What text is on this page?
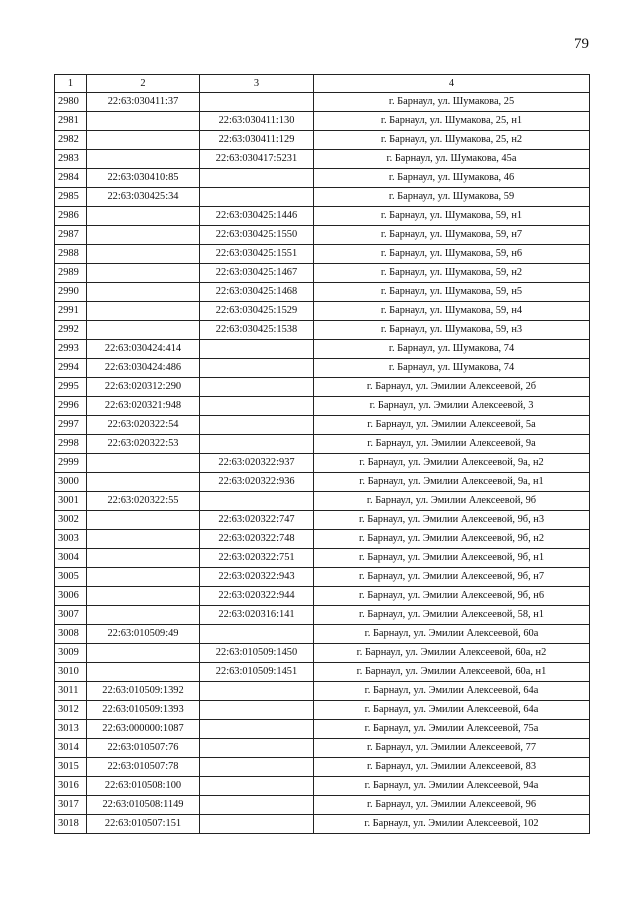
79
1	2	3	4
2980	22:63:030411:37		г. Барнаул, ул. Шумакова, 25
2981		22:63:030411:130	г. Барнаул, ул. Шумакова, 25, н1
2982		22:63:030411:129	г. Барнаул, ул. Шумакова, 25, н2
2983		22:63:030417:5231	г. Барнаул, ул. Шумакова, 45а
2984	22:63:030410:85		г. Барнаул, ул. Шумакова, 46
2985	22:63:030425:34		г. Барнаул, ул. Шумакова, 59
2986		22:63:030425:1446	г. Барнаул, ул. Шумакова, 59, н1
2987		22:63:030425:1550	г. Барнаул, ул. Шумакова, 59, н7
2988		22:63:030425:1551	г. Барнаул, ул. Шумакова, 59, н6
2989		22:63:030425:1467	г. Барнаул, ул. Шумакова, 59, н2
2990		22:63:030425:1468	г. Барнаул, ул. Шумакова, 59, н5
2991		22:63:030425:1529	г. Барнаул, ул. Шумакова, 59, н4
2992		22:63:030425:1538	г. Барнаул, ул. Шумакова, 59, н3
2993	22:63:030424:414		г. Барнаул, ул. Шумакова, 74
2994	22:63:030424:486		г. Барнаул, ул. Шумакова, 74
2995	22:63:020312:290		г. Барнаул, ул. Эмилии Алексеевой, 2б
2996	22:63:020321:948		г. Барнаул, ул. Эмилии Алексеевой, 3
2997	22:63:020322:54		г. Барнаул, ул. Эмилии Алексеевой, 5а
2998	22:63:020322:53		г. Барнаул, ул. Эмилии Алексеевой, 9а
2999		22:63:020322:937	г. Барнаул, ул. Эмилии Алексеевой, 9а, н2
3000		22:63:020322:936	г. Барнаул, ул. Эмилии Алексеевой, 9а, н1
3001	22:63:020322:55		г. Барнаул, ул. Эмилии Алексеевой, 9б
3002		22:63:020322:747	г. Барнаул, ул. Эмилии Алексеевой, 9б, н3
3003		22:63:020322:748	г. Барнаул, ул. Эмилии Алексеевой, 9б, н2
3004		22:63:020322:751	г. Барнаул, ул. Эмилии Алексеевой, 9б, н1
3005		22:63:020322:943	г. Барнаул, ул. Эмилии Алексеевой, 9б, н7
3006		22:63:020322:944	г. Барнаул, ул. Эмилии Алексеевой, 9б, н6
3007		22:63:020316:141	г. Барнаул, ул. Эмилии Алексеевой, 58, н1
3008	22:63:010509:49		г. Барнаул, ул. Эмилии Алексеевой, 60а
3009		22:63:010509:1450	г. Барнаул, ул. Эмилии Алексеевой, 60а, н2
3010		22:63:010509:1451	г. Барнаул, ул. Эмилии Алексеевой, 60а, н1
3011	22:63:010509:1392		г. Барнаул, ул. Эмилии Алексеевой, 64а
3012	22:63:010509:1393		г. Барнаул, ул. Эмилии Алексеевой, 64а
3013	22:63:000000:1087		г. Барнаул, ул. Эмилии Алексеевой, 75а
3014	22:63:010507:76		г. Барнаул, ул. Эмилии Алексеевой, 77
3015	22:63:010507:78		г. Барнаул, ул. Эмилии Алексеевой, 83
3016	22:63:010508:100		г. Барнаул, ул. Эмилии Алексеевой, 94а
3017	22:63:010508:1149		г. Барнаул, ул. Эмилии Алексеевой, 96
3018	22:63:010507:151		г. Барнаул, ул. Эмилии Алексеевой, 102
